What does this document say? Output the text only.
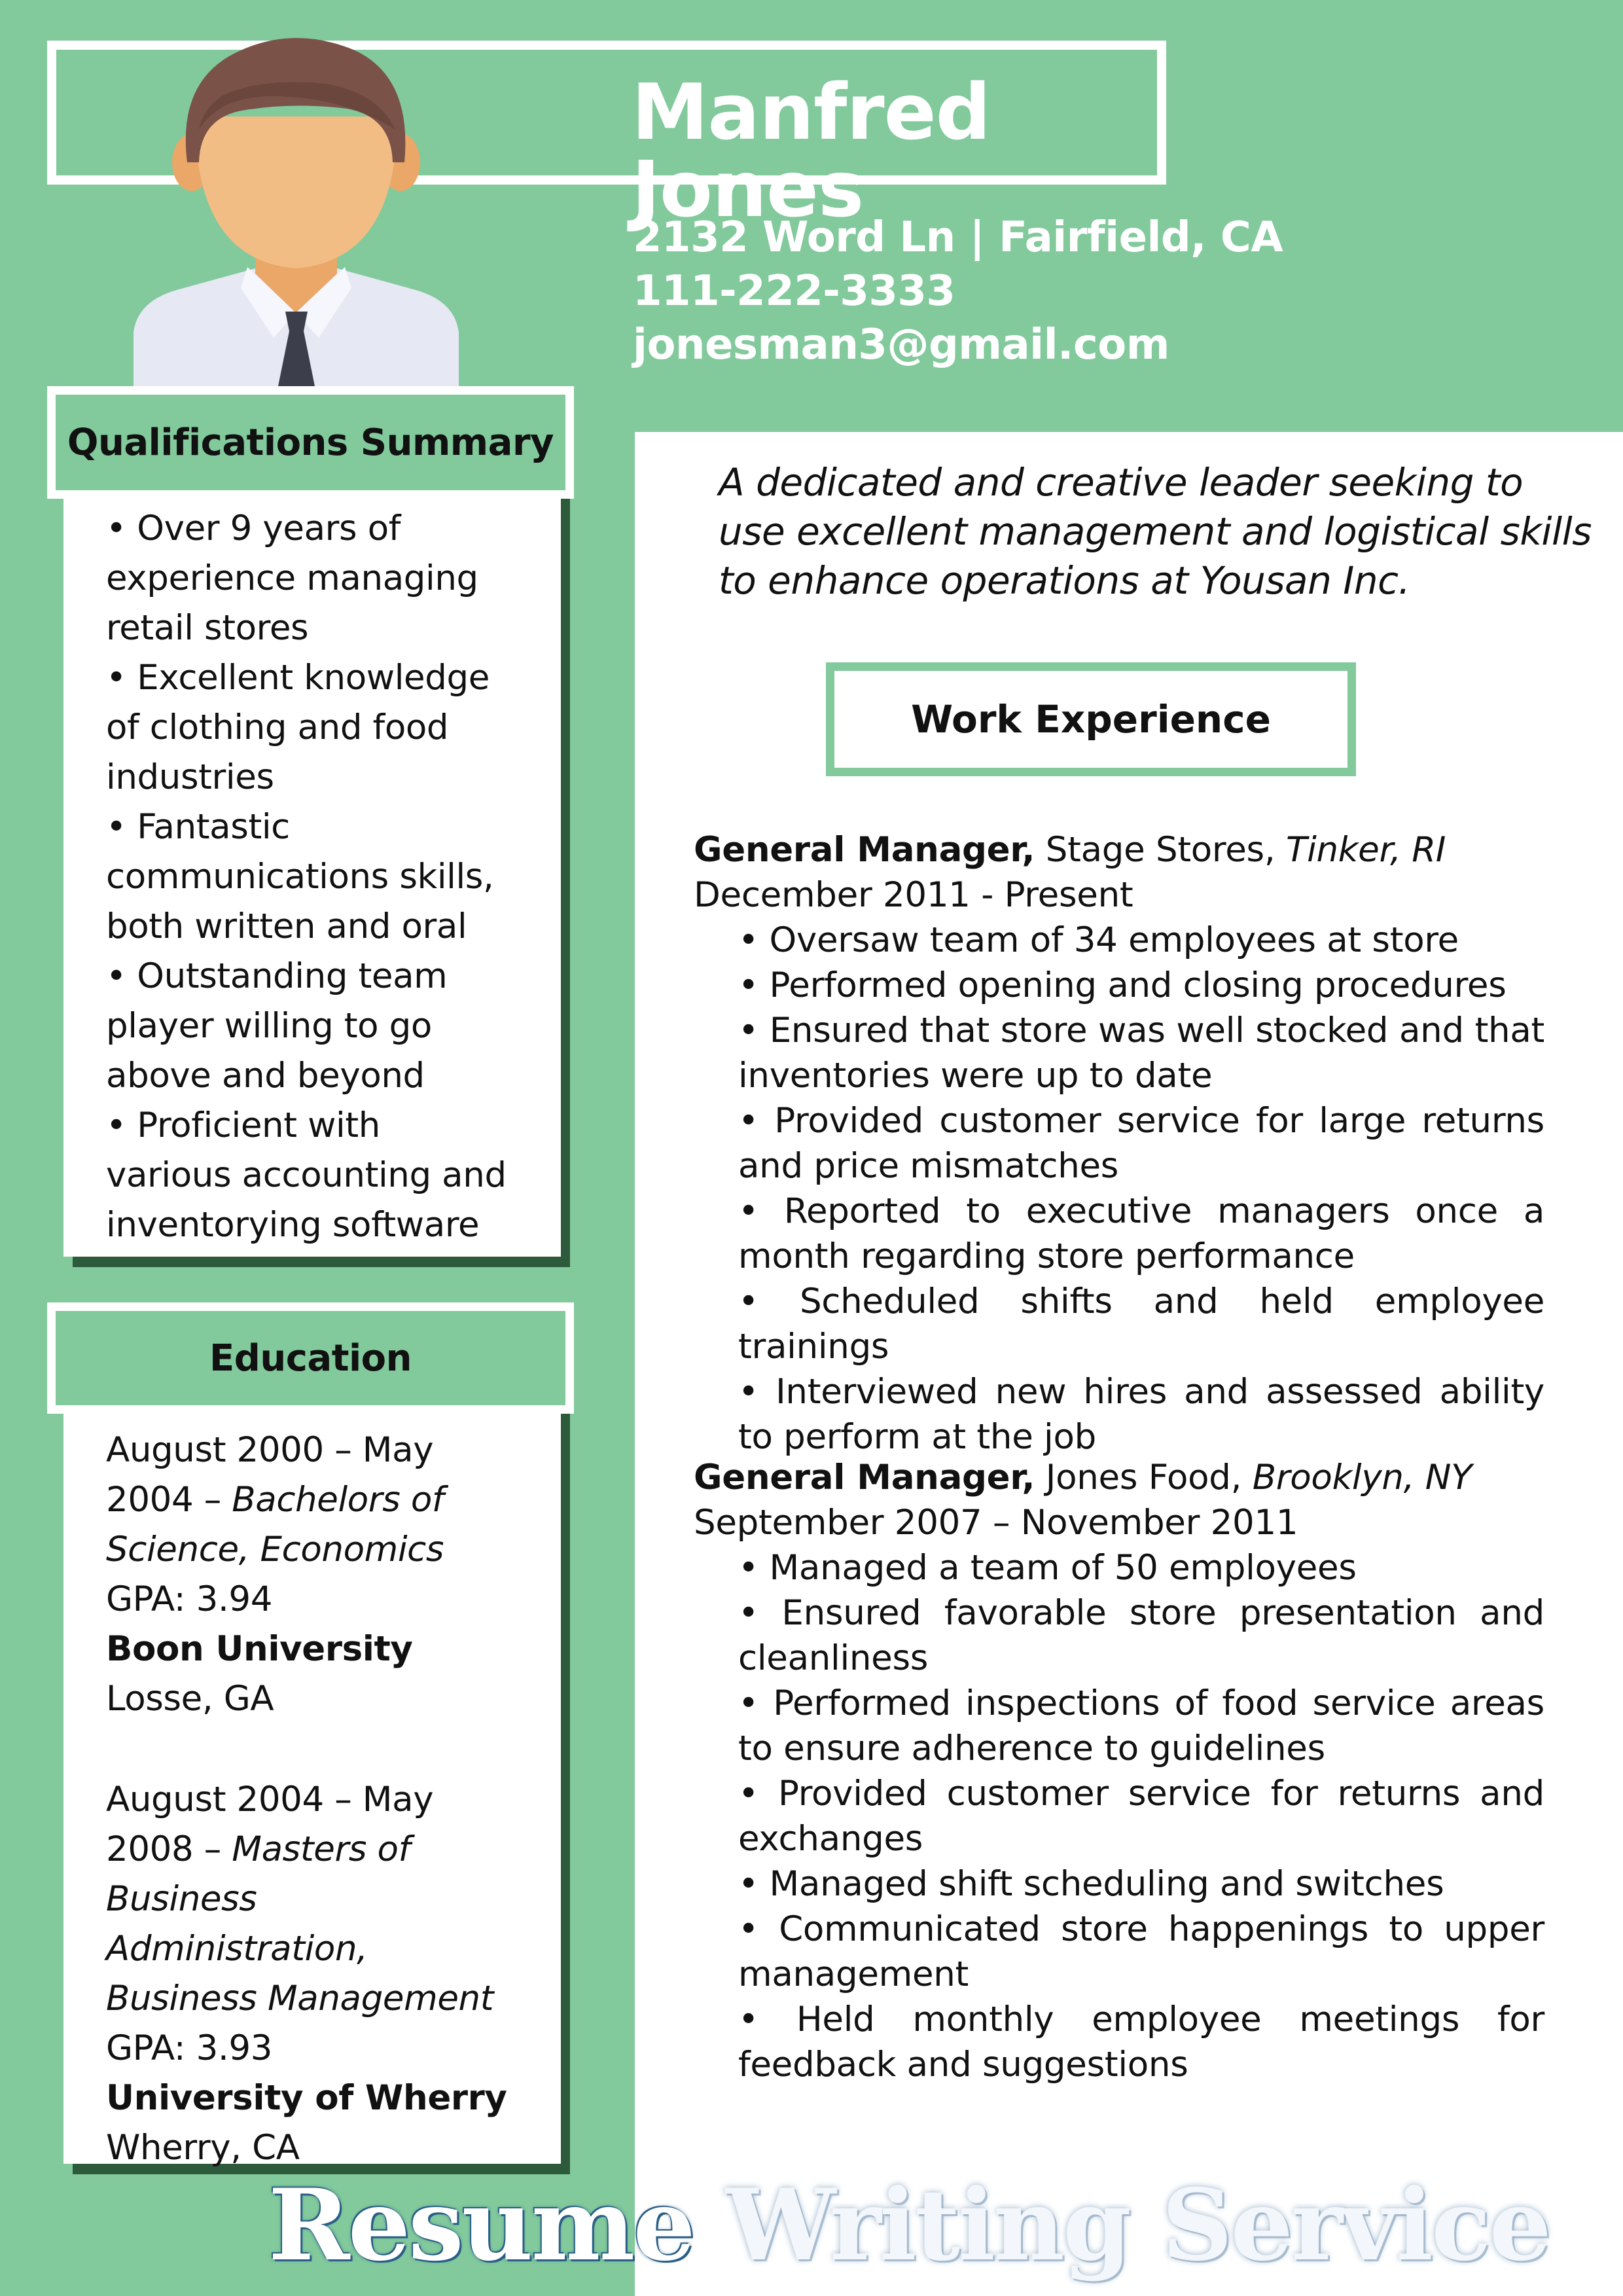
Manfred Jones
2132 Word Ln | Fairfield, CA
111-222-3333
jonesman3@gmail.com
Qualifications Summary
• Over 9 years of experience managing retail stores
• Excellent knowledge of clothing and food industries
• Fantastic communications skills, both written and oral
• Outstanding team player willing to go above and beyond
• Proficient with various accounting and inventorying software
Education
August 2000 – May 2004 – Bachelors of Science, Economics
GPA: 3.94
Boon University
Losse, GA
August 2004 – May 2008 – Masters of Business Administration, Business Management
GPA: 3.93
University of Wherry
Wherry, CA
A dedicated and creative leader seeking to use excellent management and logistical skills to enhance operations at Yousan Inc.
Work Experience
General Manager, Stage Stores, Tinker, RI
December 2011 - Present
• Oversaw team of 34 employees at store
• Performed opening and closing procedures
• Ensured that store was well stocked and that inventories were up to date
• Provided customer service for large returns and price mismatches
• Reported to executive managers once a month regarding store performance
• Scheduled shifts and held employee trainings
• Interviewed new hires and assessed ability to perform at the job
General Manager, Jones Food, Brooklyn, NY
September 2007 – November 2011
• Managed a team of 50 employees
• Ensured favorable store presentation and cleanliness
• Performed inspections of food service areas to ensure adherence to guidelines
• Provided customer service for returns and exchanges
• Managed shift scheduling and switches
• Communicated store happenings to upper management
• Held monthly employee meetings for feedback and suggestions
Resume Writing Service
